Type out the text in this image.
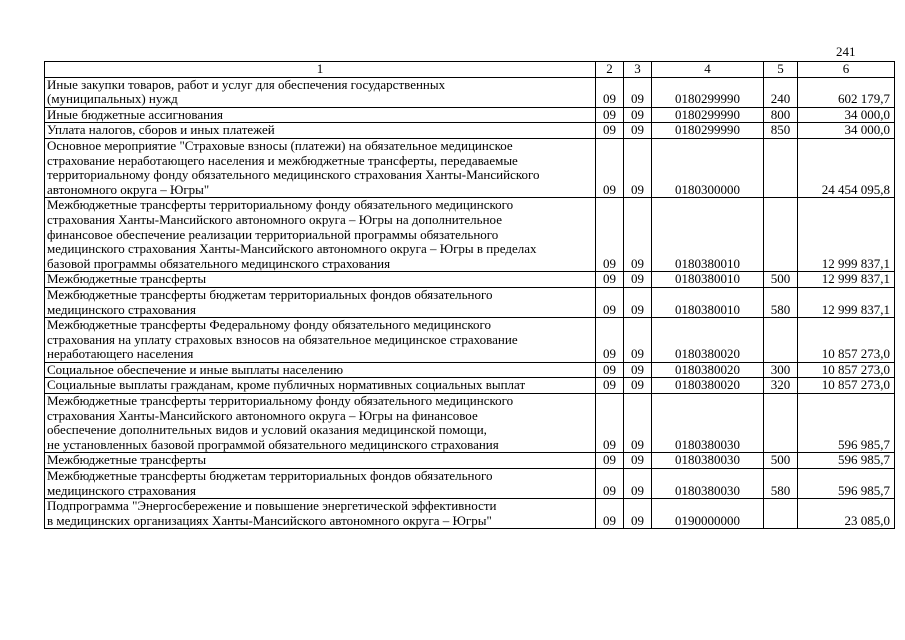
241
1	2	3	4	5	6

Иные закупки товаров, работ и услуг для обеспечения государственных
(муниципальных) нужд	09	09	0180299990	240	602 179,7

Иные бюджетные ассигнования	09	09	0180299990	800	34 000,0

Уплата налогов, сборов и иных платежей	09	09	0180299990	850	34 000,0

Основное мероприятие "Страховые взносы (платежи) на обязательное медицинское
страхование неработающего населения и межбюджетные трансферты, передаваемые
территориальному фонду обязательного медицинского страхования Ханты-Мансийского
автономного округа – Югры"	09	09	0180300000		24 454 095,8

Межбюджетные трансферты территориальному фонду обязательного медицинского
страхования Ханты-Мансийского автономного округа – Югры на дополнительное
финансовое обеспечение реализации территориальной программы обязательного
медицинского страхования Ханты-Мансийского автономного округа – Югры в пределах
базовой программы обязательного медицинского страхования	09	09	0180380010		12 999 837,1

Межбюджетные трансферты	09	09	0180380010	500	12 999 837,1

Межбюджетные трансферты бюджетам территориальных фондов обязательного
медицинского страхования	09	09	0180380010	580	12 999 837,1

Межбюджетные трансферты Федеральному фонду обязательного медицинского
страхования на уплату страховых взносов на обязательное медицинское страхование
неработающего населения	09	09	0180380020		10 857 273,0

Социальное обеспечение и иные выплаты населению	09	09	0180380020	300	10 857 273,0

Социальные выплаты гражданам, кроме публичных нормативных социальных выплат	09	09	0180380020	320	10 857 273,0

Межбюджетные трансферты территориальному фонду обязательного медицинского
страхования Ханты-Мансийского автономного округа – Югры на финансовое
обеспечение дополнительных видов и условий оказания медицинской помощи,
не установленных базовой программой обязательного медицинского страхования	09	09	0180380030		596 985,7

Межбюджетные трансферты	09	09	0180380030	500	596 985,7

Межбюджетные трансферты бюджетам территориальных фондов обязательного
медицинского страхования	09	09	0180380030	580	596 985,7

Подпрограмма "Энергосбережение и повышение энергетической эффективности
в медицинских организациях Ханты-Мансийского автономного округа – Югры"	09	09	0190000000		23 085,0
